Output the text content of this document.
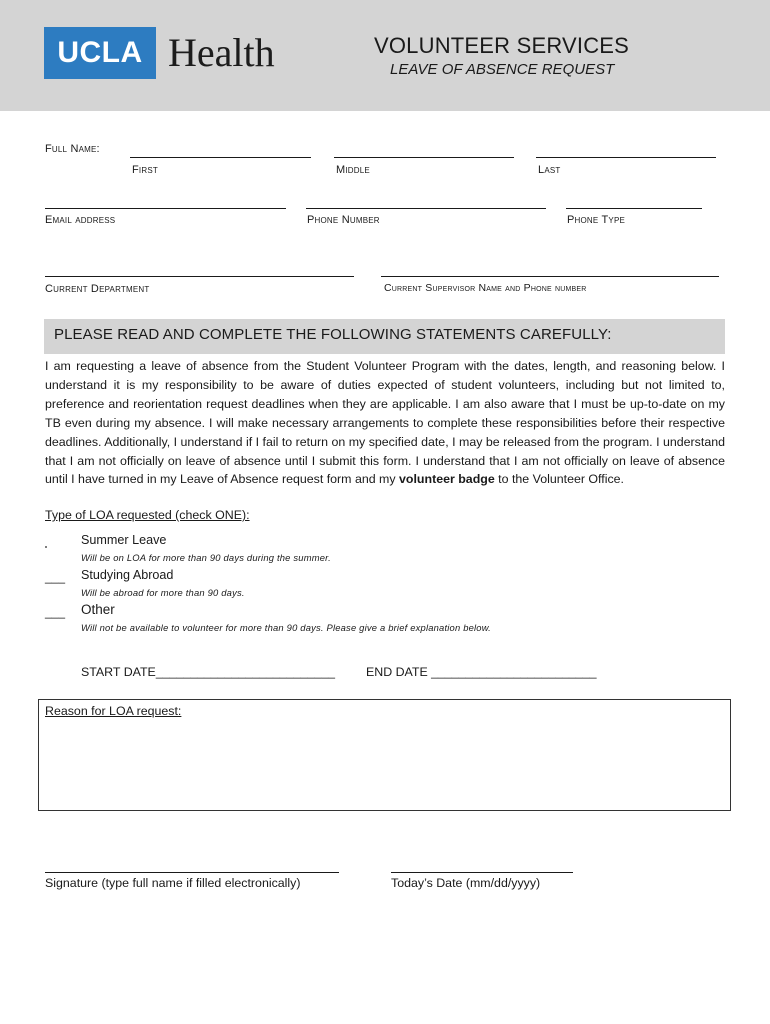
UCLA Health	VOLUNTEER SERVICES
LEAVE OF ABSENCE REQUEST
Full Name:
First	Middle	Last
Email address	Phone Number	Phone Type
Current Department	Current Supervisor Name and Phone number
PLEASE READ AND COMPLETE THE FOLLOWING STATEMENTS CAREFULLY:
I am requesting a leave of absence from the Student Volunteer Program with the dates, length, and reasoning below. I understand it is my responsibility to be aware of duties expected of student volunteers, including but not limited to, preference and reorientation request deadlines when they are applicable. I am also aware that I must be up-to-date on my TB even during my absence. I will make necessary arrangements to complete these responsibilities before their respective deadlines. Additionally, I understand if I fail to return on my specified date, I may be released from the program. I understand that I am not officially on leave of absence until I submit this form. I understand that I am not officially on leave of absence until I have turned in my Leave of Absence request form and my volunteer badge to the Volunteer Office.
Type of LOA requested (check ONE):
Summer Leave
Will be on LOA for more than 90 days during the summer.
___ Studying Abroad
Will be abroad for more than 90 days.
___ Other
Will not be available to volunteer for more than 90 days. Please give a brief explanation below.
START DATE__________________________	END DATE ________________________
Reason for LOA request:
Signature (type full name if filled electronically)	Today’s Date (mm/dd/yyyy)
